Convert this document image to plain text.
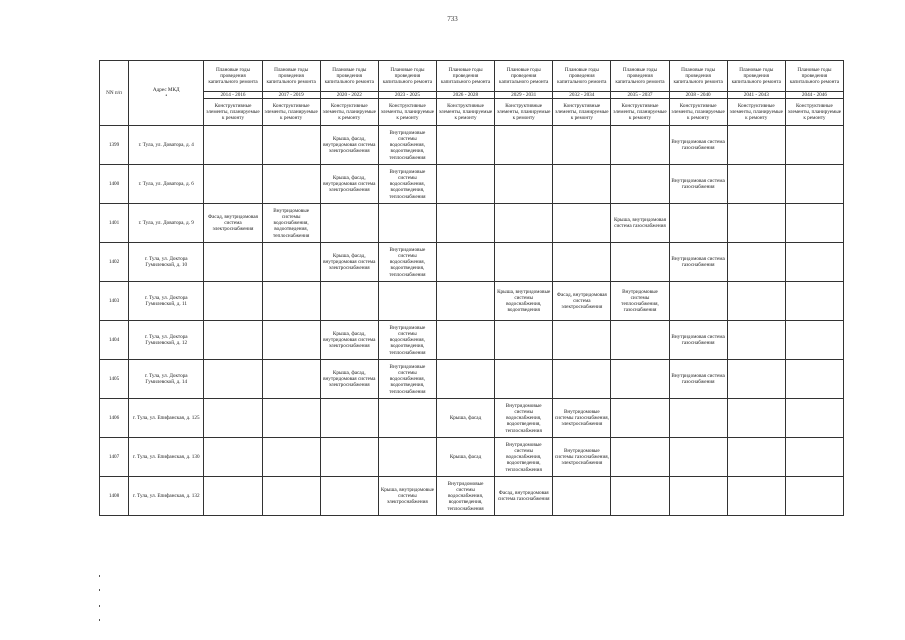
733
NN п/п	Адрес МКД
•	Плановые годы проведения капитального ремонта	Плановые годы проведения капитального ремонта	Плановые годы проведения капитального ремонта	Плановые годы проведения капитального ремонта	Плановые годы проведения капитального ремонта	Плановые годы проведения капитального ремонта	Плановые годы проведения капитального ремонта	Плановые годы проведения капитального ремонта	Плановые годы проведения капитального ремонта	Плановые годы проведения капитального ремонта	Плановые годы проведения капитального ремонта
		2014 - 2016	2017 - 2019	2020 - 2022	2023 - 2025	2026 - 2028	2029 - 2031	2032 - 2034	2035 - 2037	2038 - 2040	2041 - 2043	2044 - 2046
		Конструктивные элементы, планируемые к ремонту	Конструктивные элементы, планируемые к ремонту	Конструктивные элементы, планируемые к ремонту	Конструктивные элементы, планируемые к ремонту	Конструктивные элементы, планируемые к ремонту	Конструктивные элементы, планируемые к ремонту	Конструктивные элементы, планируемые к ремонту	Конструктивные элементы, планируемые к ремонту	Конструктивные элементы, планируемые к ремонту	Конструктивные элементы, планируемые к ремонту	Конструктивные элементы, планируемые к ремонту
1399	г. Тула, ул. Доватора, д. 4			Крыша, фасад, внутридомовая система электроснабжения	Внутридомовые системы водоснабжения, водоотведения, теплоснабжения					Внутридомовая система газоснабжения		
1400	г. Тула, ул. Доватора, д. 6			Крыша, фасад, внутридомовая система электроснабжения	Внутридомовые системы водоснабжения, водоотведения, теплоснабжения					Внутридомовая система газоснабжения		
1401	г. Тула, ул. Доватора, д. 9	Фасад, внутридомовая система электроснабжения	Внутридомовые системы водоснабжения, водоотведения, теплоснабжения						Крыша, внутридомовая система газоснабжения			
1402	г. Тула, ул. Доктора Гумилевской, д. 10			Крыша, фасад, внутридомовая система электроснабжения	Внутридомовые системы водоснабжения, водоотведения, теплоснабжения					Внутридомовая система газоснабжения		
1403	г. Тула, ул. Доктора Гумилевской, д. 11						Крыша, внутридомовые системы водоснабжения, водоотведения	Фасад, внутридомовая система электроснабжения	Внутридомовые системы теплоснабжения, газоснабжения			
1404	г. Тула, ул. Доктора Гумилевской, д. 12			Крыша, фасад, внутридомовая система электроснабжения	Внутридомовые системы водоснабжения, водоотведения, теплоснабжения					Внутридомовая система газоснабжения		
1405	г. Тула, ул. Доктора Гумилевской, д. 14			Крыша, фасад, внутридомовая система электроснабжения	Внутридомовые системы водоснабжения, водоотведения, теплоснабжения					Внутридомовая система газоснабжения		
1406	г. Тула, ул. Епифанская, д. 125					Крыша, фасад	Внутридомовые системы водоснабжения, водоотведения, теплоснабжения	Внутридомовые системы газоснабжения, электроснабжения				
1407	г. Тула, ул. Епифанская, д. 130					Крыша, фасад	Внутридомовые системы водоснабжения, водоотведения, теплоснабжения	Внутридомовые системы газоснабжения, электроснабжения				
1408	г. Тула, ул. Епифанская, д. 132				Крыша, внутридомовые системы электроснабжения	Внутридомовые системы водоснабжения, водоотведения, теплоснабжения	Фасад, внутридомовая система газоснабжения					
